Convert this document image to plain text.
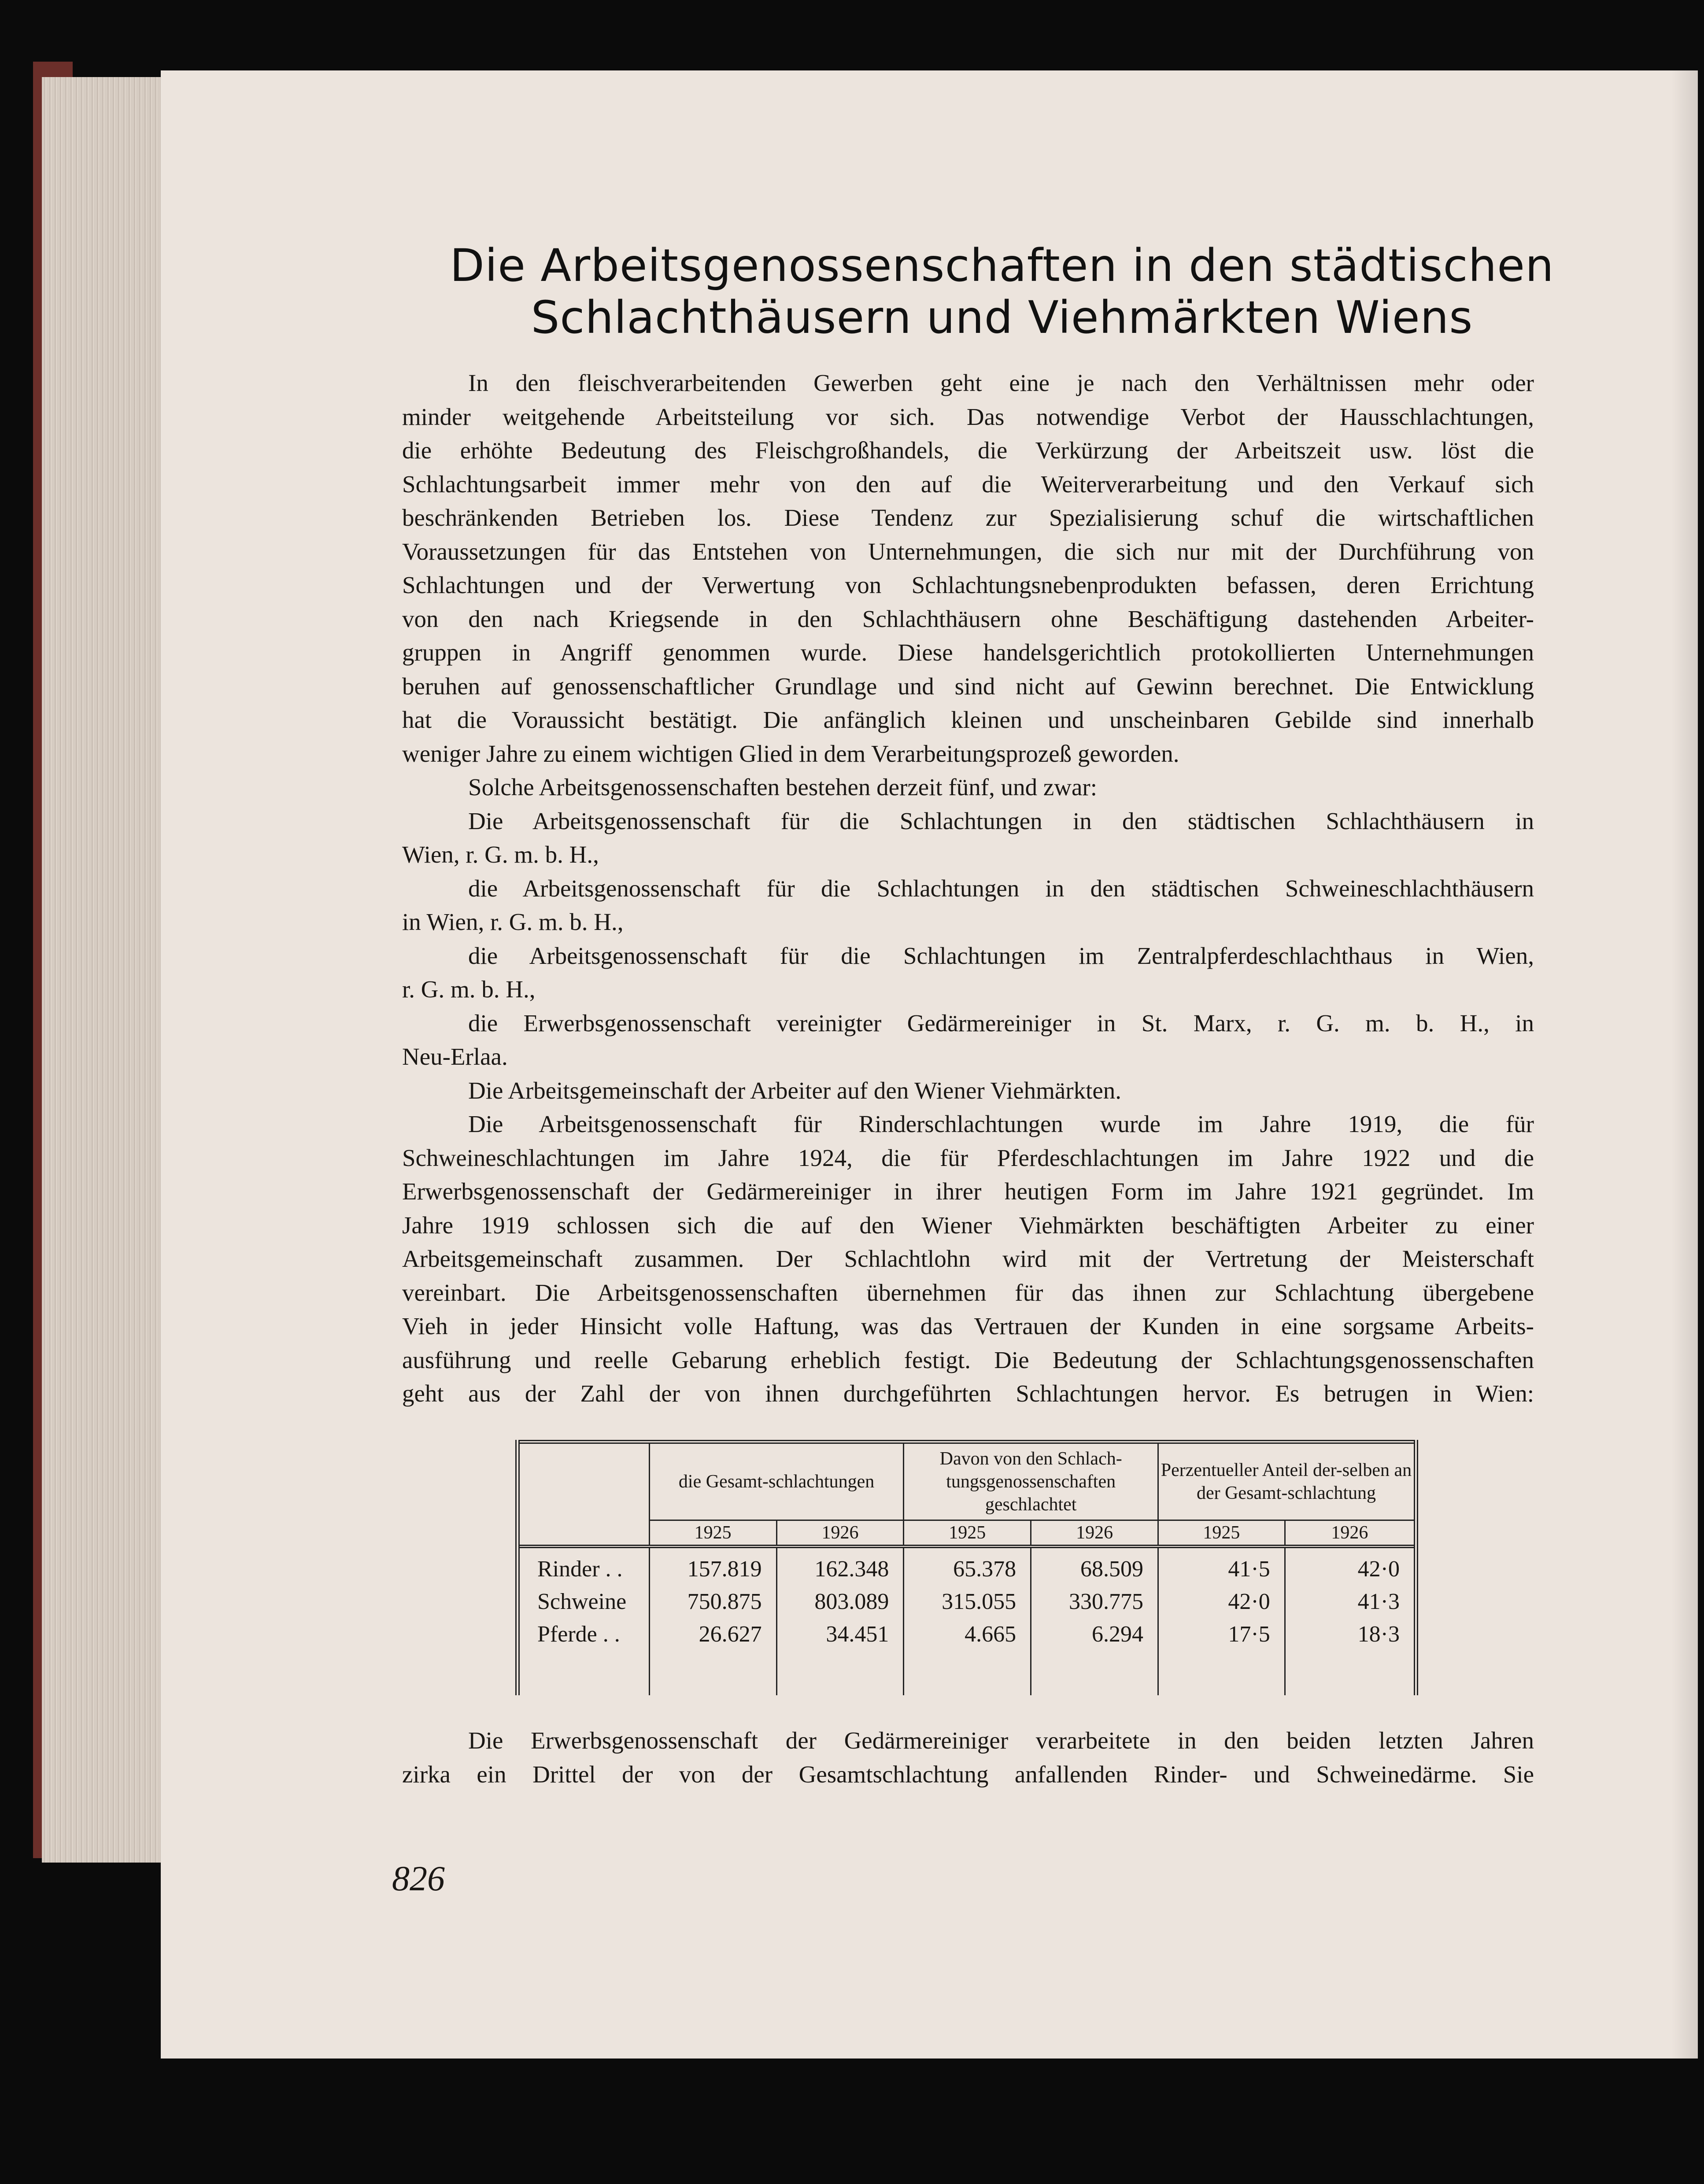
Die Arbeitsgenossenschaften in den städtischen
Schlachthäusern und Viehmärkten Wiens
In den fleischverarbeitenden Gewerben geht eine je nach den Verhältnissen mehr oder
minder weitgehende Arbeitsteilung vor sich. Das notwendige Verbot der Hausschlachtungen,
die erhöhte Bedeutung des Fleischgroßhandels, die Verkürzung der Arbeitszeit usw. löst die
Schlachtungsarbeit immer mehr von den auf die Weiterverarbeitung und den Verkauf sich
beschränkenden Betrieben los. Diese Tendenz zur Spezialisierung schuf die wirtschaftlichen
Voraussetzungen für das Entstehen von Unternehmungen, die sich nur mit der Durchführung von
Schlachtungen und der Verwertung von Schlachtungsnebenprodukten befassen, deren Errichtung
von den nach Kriegsende in den Schlachthäusern ohne Beschäftigung dastehenden Arbeiter-
gruppen in Angriff genommen wurde. Diese handelsgerichtlich protokollierten Unternehmungen
beruhen auf genossenschaftlicher Grundlage und sind nicht auf Gewinn berechnet. Die Entwicklung
hat die Voraussicht bestätigt. Die anfänglich kleinen und unscheinbaren Gebilde sind innerhalb
weniger Jahre zu einem wichtigen Glied in dem Verarbeitungsprozeß geworden.
Solche Arbeitsgenossenschaften bestehen derzeit fünf, und zwar:
Die Arbeitsgenossenschaft für die Schlachtungen in den städtischen Schlachthäusern in
Wien, r. G. m. b. H.,
die Arbeitsgenossenschaft für die Schlachtungen in den städtischen Schweineschlachthäusern
in Wien, r. G. m. b. H.,
die Arbeitsgenossenschaft für die Schlachtungen im Zentralpferdeschlachthaus in Wien,
r. G. m. b. H.,
die Erwerbsgenossenschaft vereinigter Gedärmereiniger in St. Marx, r. G. m. b. H., in
Neu-Erlaa.
Die Arbeitsgemeinschaft der Arbeiter auf den Wiener Viehmärkten.
Die Arbeitsgenossenschaft für Rinderschlachtungen wurde im Jahre 1919, die für
Schweineschlachtungen im Jahre 1924, die für Pferdeschlachtungen im Jahre 1922 und die
Erwerbsgenossenschaft der Gedärmereiniger in ihrer heutigen Form im Jahre 1921 gegründet. Im
Jahre 1919 schlossen sich die auf den Wiener Viehmärkten beschäftigten Arbeiter zu einer
Arbeitsgemeinschaft zusammen. Der Schlachtlohn wird mit der Vertretung der Meisterschaft
vereinbart. Die Arbeitsgenossenschaften übernehmen für das ihnen zur Schlachtung übergebene
Vieh in jeder Hinsicht volle Haftung, was das Vertrauen der Kunden in eine sorgsame Arbeits-
ausführung und reelle Gebarung erheblich festigt. Die Bedeutung der Schlachtungsgenossenschaften
geht aus der Zahl der von ihnen durchgeführten Schlachtungen hervor. Es betrugen in Wien:
	die Gesamt-schlachtungen		Davon von den Schlach-tungsgenossenschaften geschlachtet		Perzentueller Anteil der-selben an der Gesamt-schlachtung	
	1925	1926	1925	1926	1925	1926
Rinder . .	157.819	162.348	65.378	68.509	41·5	42·0
Schweine	750.875	803.089	315.055	330.775	42·0	41·3
Pferde . .	26.627	34.451	4.665	6.294	17·5	18·3
Die Erwerbsgenossenschaft der Gedärmereiniger verarbeitete in den beiden letzten Jahren
zirka ein Drittel der von der Gesamtschlachtung anfallenden Rinder- und Schweinedärme. Sie
826
